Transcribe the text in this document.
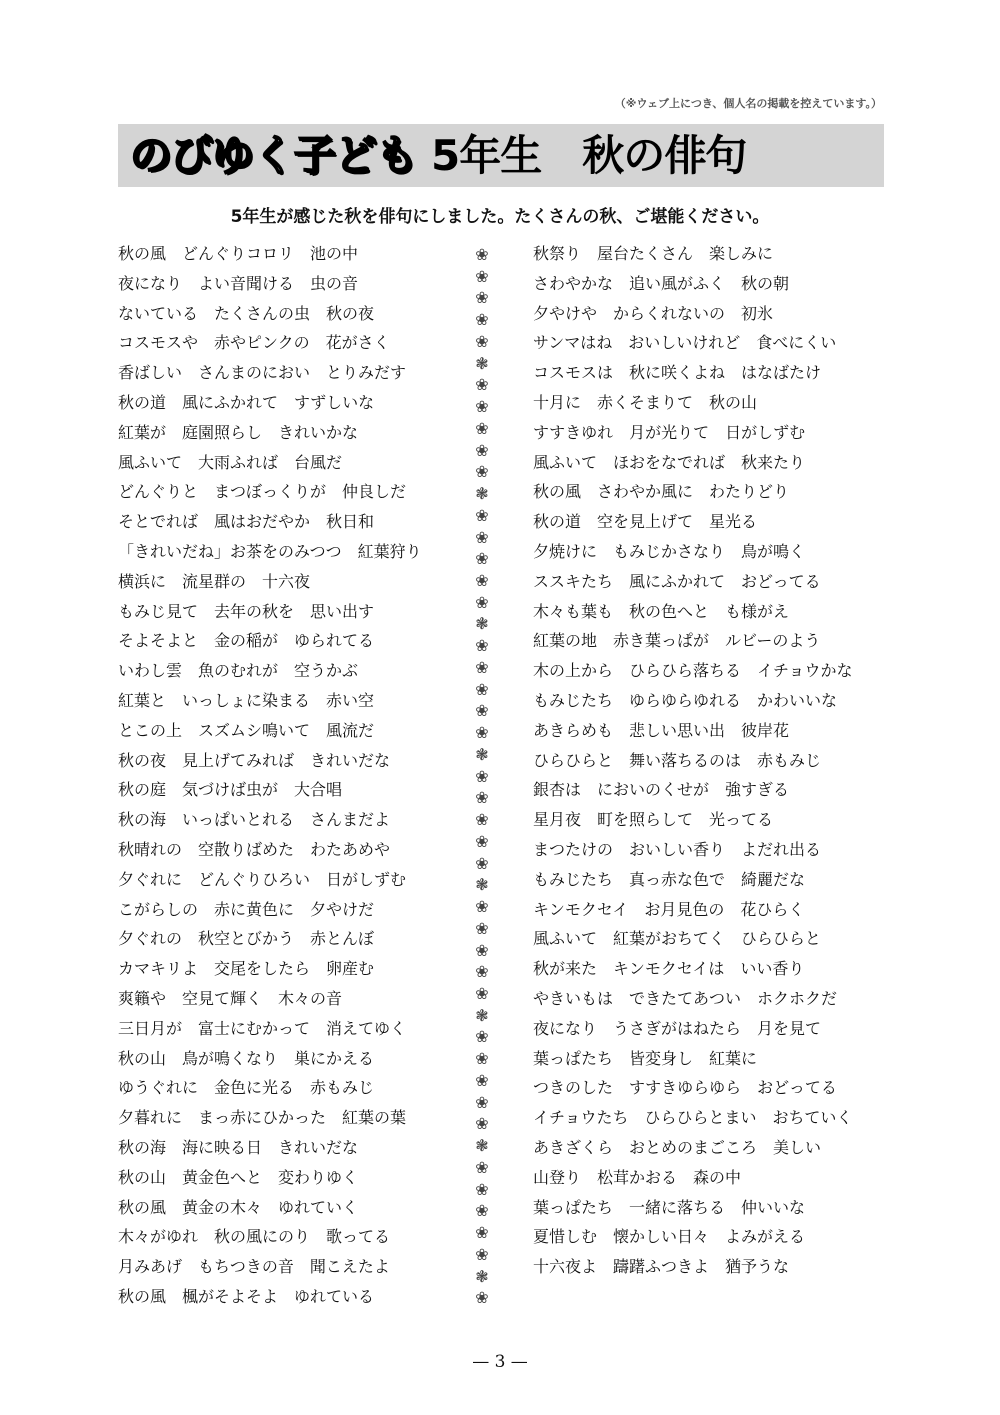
（※ウェブ上につき、個人名の掲載を控えています。）
のびゆく子ども 5年生　秋の俳句
5年生が感じた秋を俳句にしました。たくさんの秋、ご堪能ください。
秋の風　どんぐりコロリ　池の中
夜になり　よい音聞ける　虫の音
ないている　たくさんの虫　秋の夜
コスモスや　赤やピンクの　花がさく
香ばしい　さんまのにおい　とりみだす
秋の道　風にふかれて　すずしいな
紅葉が　庭園照らし　きれいかな
風ふいて　大雨ふれば　台風だ
どんぐりと　まつぼっくりが　仲良しだ
そとでれば　風はおだやか　秋日和
「きれいだね」お茶をのみつつ　紅葉狩り
横浜に　流星群の　十六夜
もみじ見て　去年の秋を　思い出す
そよそよと　金の稲が　ゆられてる
いわし雲　魚のむれが　空うかぶ
紅葉と　いっしょに染まる　赤い空
とこの上　スズムシ鳴いて　風流だ
秋の夜　見上げてみれば　きれいだな
秋の庭　気づけば虫が　大合唱
秋の海　いっぱいとれる　さんまだよ
秋晴れの　空散りばめた　わたあめや
夕ぐれに　どんぐりひろい　日がしずむ
こがらしの　赤に黄色に　夕やけだ
夕ぐれの　秋空とびかう　赤とんぼ
カマキリよ　交尾をしたら　卵産む
爽籟や　空見て輝く　木々の音
三日月が　富士にむかって　消えてゆく
秋の山　鳥が鳴くなり　巣にかえる
ゆうぐれに　金色に光る　赤もみじ
夕暮れに　まっ赤にひかった　紅葉の葉
秋の海　海に映る日　きれいだな
秋の山　黄金色へと　変わりゆく
秋の風　黄金の木々　ゆれていく
木々がゆれ　秋の風にのり　歌ってる
月みあげ　もちつきの音　聞こえたよ
秋の風　楓がそよそよ　ゆれている
❀
❀
❀
❀
❀
❃
❀
❀
❀
❀
❀
❃
❀
❀
❀
❀
❀
❃
❀
❀
❀
❀
❀
❃
❀
❀
❀
❀
❀
❃
❀
❀
❀
❀
❀
❃
❀
❀
❀
❀
❀
❃
❀
❀
❀
❀
❀
❃
❀
秋祭り　屋台たくさん　楽しみに
さわやかな　追い風がふく　秋の朝
夕やけや　からくれないの　初氷
サンマはね　おいしいけれど　食べにくい
コスモスは　秋に咲くよね　はなばたけ
十月に　赤くそまりて　秋の山
すすきゆれ　月が光りて　日がしずむ
風ふいて　ほおをなでれば　秋来たり
秋の風　さわやか風に　わたりどり
秋の道　空を見上げて　星光る
夕焼けに　もみじかさなり　鳥が鳴く
ススキたち　風にふかれて　おどってる
木々も葉も　秋の色へと　も様がえ
紅葉の地　赤き葉っぱが　ルビーのよう
木の上から　ひらひら落ちる　イチョウかな
もみじたち　ゆらゆらゆれる　かわいいな
あきらめも　悲しい思い出　彼岸花
ひらひらと　舞い落ちるのは　赤もみじ
銀杏は　においのくせが　強すぎる
星月夜　町を照らして　光ってる
まつたけの　おいしい香り　よだれ出る
もみじたち　真っ赤な色で　綺麗だな
キンモクセイ　お月見色の　花ひらく
風ふいて　紅葉がおちてく　ひらひらと
秋が来た　キンモクセイは　いい香り
やきいもは　できたてあつい　ホクホクだ
夜になり　うさぎがはねたら　月を見て
葉っぱたち　皆変身し　紅葉に
つきのした　すすきゆらゆら　おどってる
イチョウたち　ひらひらとまい　おちていく
あきざくら　おとめのまごころ　美しい
山登り　松茸かおる　森の中
葉っぱたち　一緒に落ちる　仲いいな
夏惜しむ　懐かしい日々　よみがえる
十六夜よ　躊躇ふつきよ　猶予うな
— 3 —
